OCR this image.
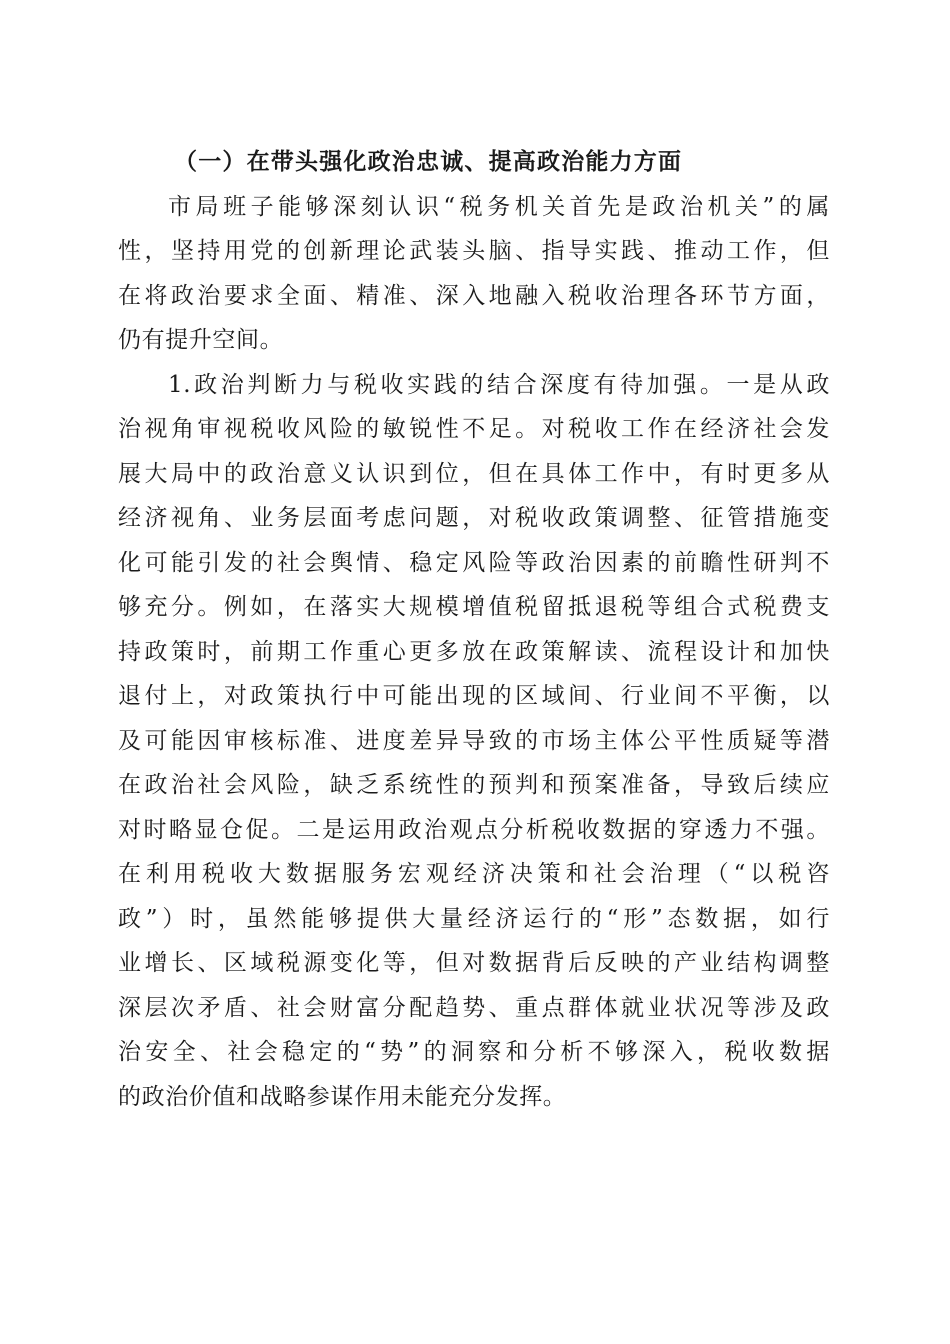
（一）在带头强化政治忠诚、提高政治能力方面
市局班子能够深刻认识“税务机关首先是政治机关”的属
性，坚持用党的创新理论武装头脑、指导实践、推动工作，但
在将政治要求全面、精准、深入地融入税收治理各环节方面，
仍有提升空间。
1.政治判断力与税收实践的结合深度有待加强。一是从政
治视角审视税收风险的敏锐性不足。对税收工作在经济社会发
展大局中的政治意义认识到位，但在具体工作中，有时更多从
经济视角、业务层面考虑问题，对税收政策调整、征管措施变
化可能引发的社会舆情、稳定风险等政治因素的前瞻性研判不
够充分。例如，在落实大规模增值税留抵退税等组合式税费支
持政策时，前期工作重心更多放在政策解读、流程设计和加快
退付上，对政策执行中可能出现的区域间、行业间不平衡，以
及可能因审核标准、进度差异导致的市场主体公平性质疑等潜
在政治社会风险，缺乏系统性的预判和预案准备，导致后续应
对时略显仓促。二是运用政治观点分析税收数据的穿透力不强。
在利用税收大数据服务宏观经济决策和社会治理（“以税咨
政”）时，虽然能够提供大量经济运行的“形”态数据，如行
业增长、区域税源变化等，但对数据背后反映的产业结构调整
深层次矛盾、社会财富分配趋势、重点群体就业状况等涉及政
治安全、社会稳定的“势”的洞察和分析不够深入，税收数据
的政治价值和战略参谋作用未能充分发挥。
